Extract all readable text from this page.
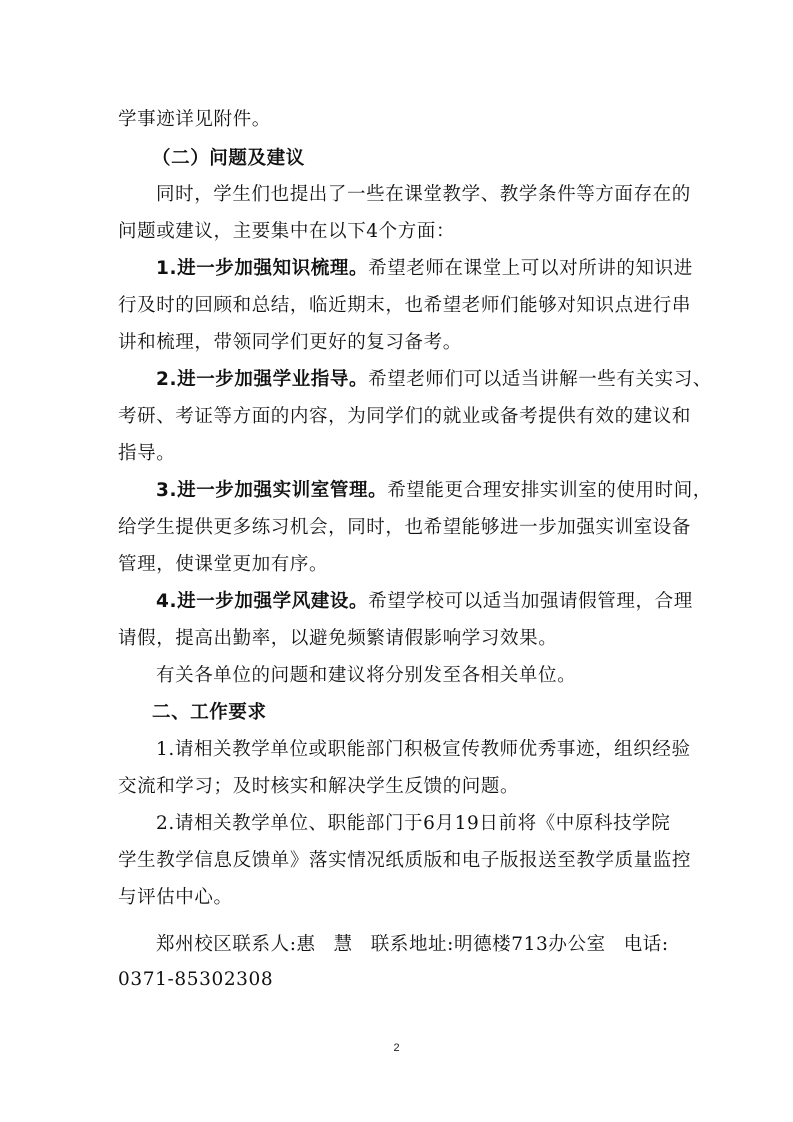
学事迹详见附件。
（二）问题及建议
同时，学生们也提出了一些在课堂教学、教学条件等方面存在的
问题或建议，主要集中在以下4个方面：
1.进一步加强知识梳理。希望老师在课堂上可以对所讲的知识进
行及时的回顾和总结，临近期末，也希望老师们能够对知识点进行串
讲和梳理，带领同学们更好的复习备考。
2.进一步加强学业指导。希望老师们可以适当讲解一些有关实习、
考研、考证等方面的内容，为同学们的就业或备考提供有效的建议和
指导。
3.进一步加强实训室管理。希望能更合理安排实训室的使用时间，
给学生提供更多练习机会，同时，也希望能够进一步加强实训室设备
管理，使课堂更加有序。
4.进一步加强学风建设。希望学校可以适当加强请假管理，合理
请假，提高出勤率，以避免频繁请假影响学习效果。
有关各单位的问题和建议将分别发至各相关单位。
二、工作要求
1.请相关教学单位或职能部门积极宣传教师优秀事迹，组织经验
交流和学习；及时核实和解决学生反馈的问题。
2.请相关教学单位、职能部门于6月19日前将《中原科技学院
学生教学信息反馈单》落实情况纸质版和电子版报送至教学质量监控
与评估中心。
郑州校区联系人:惠 慧 联系地址:明德楼713办公室 电话:
0371-85302308
2
